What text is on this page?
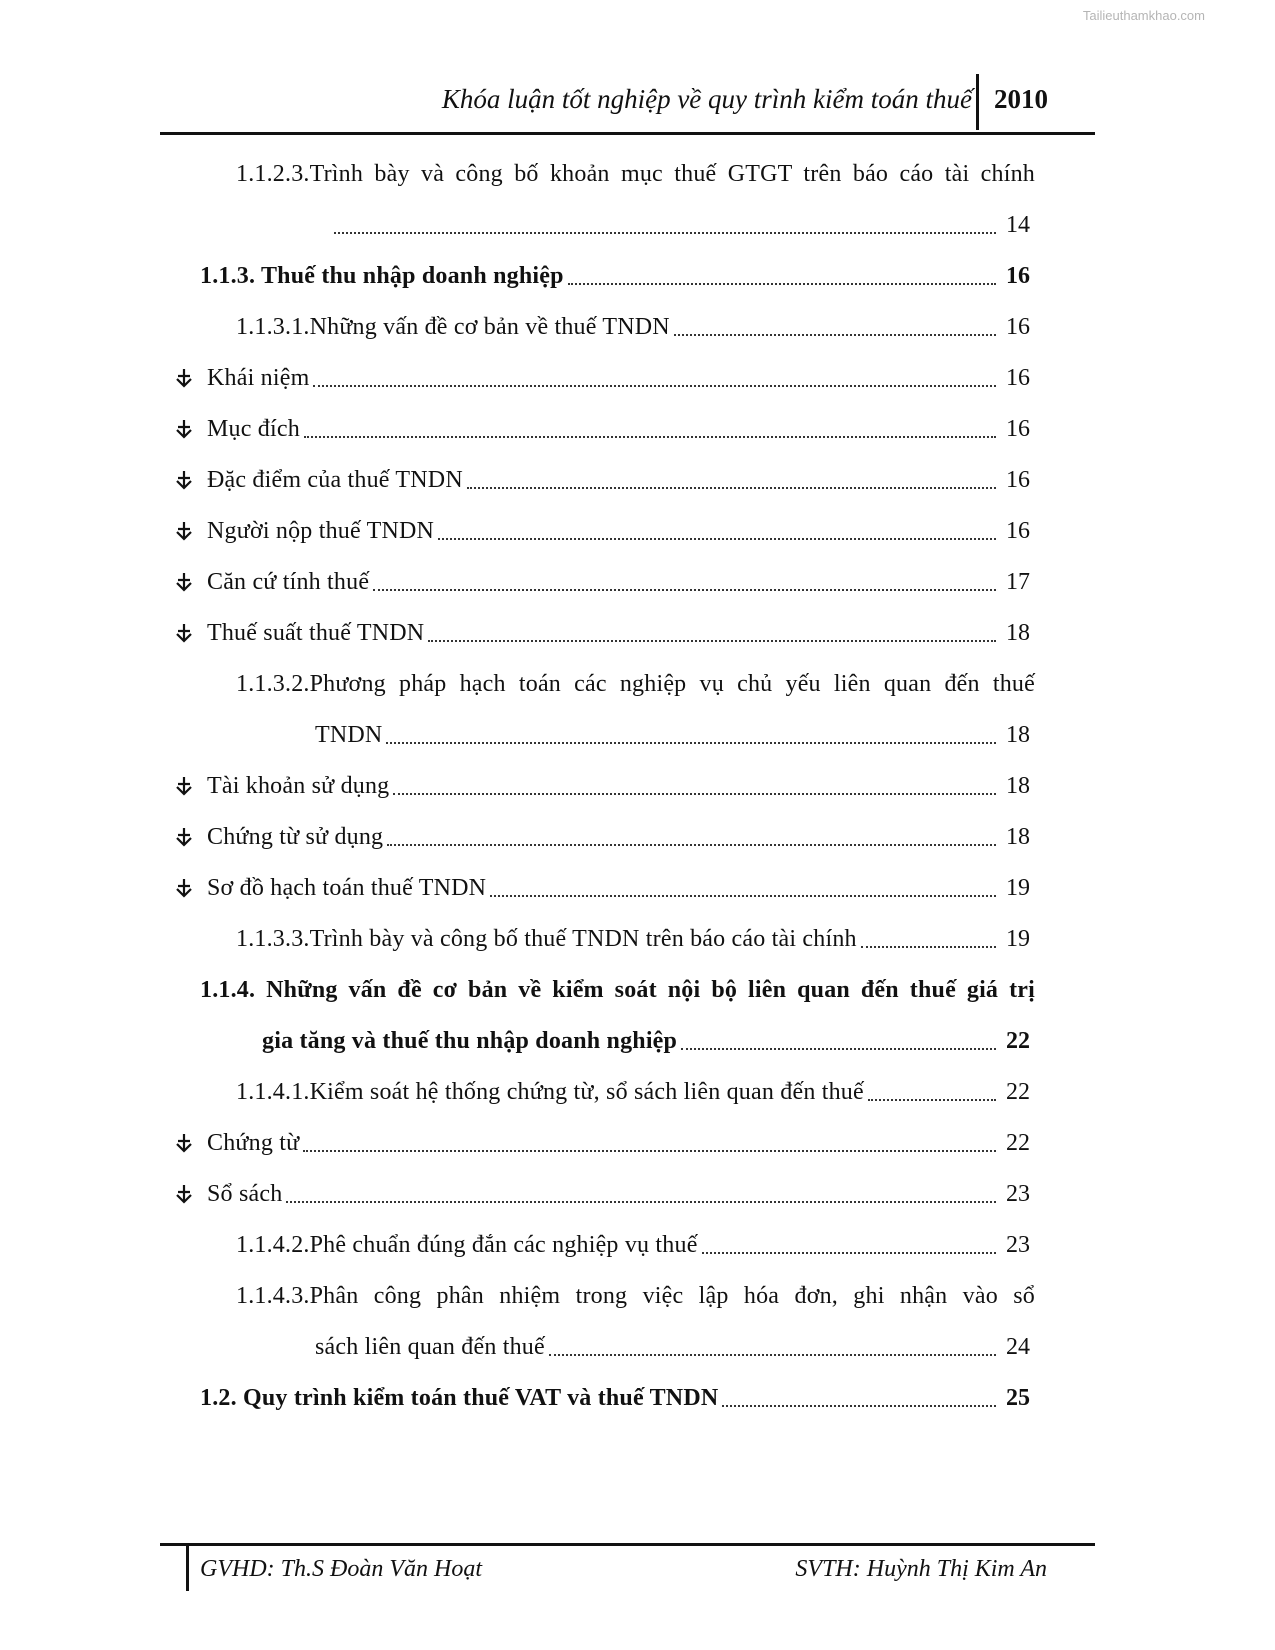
Tailieuthamkhao.com
Khóa luận tốt nghiệp về quy trình kiểm toán thuế 2010
1.1.2.3.Trình bày và công bố khoản mục thuế GTGT trên báo cáo tài chính
14
1.1.3. Thuế thu nhập doanh nghiệp	16
1.1.3.1.Những vấn đề cơ bản về thuế TNDN	16
Khái niệm	16
Mục đích	16
Đặc điểm của thuế TNDN	16
Người nộp thuế TNDN	16
Căn cứ tính thuế	17
Thuế suất thuế TNDN	18
1.1.3.2.Phương pháp hạch toán các nghiệp vụ chủ yếu liên quan đến thuế
TNDN	18
Tài khoản sử dụng	18
Chứng từ sử dụng	18
Sơ đồ hạch toán thuế TNDN	19
1.1.3.3.Trình bày và công bố thuế TNDN trên báo cáo tài chính	19
1.1.4. Những vấn đề cơ bản về kiểm soát nội bộ liên quan đến thuế giá trị
gia tăng và thuế thu nhập doanh nghiệp	22
1.1.4.1.Kiểm soát hệ thống chứng từ, sổ sách liên quan đến thuế	22
Chứng từ	22
Sổ sách	23
1.1.4.2.Phê chuẩn đúng đắn các nghiệp vụ thuế	23
1.1.4.3.Phân công phân nhiệm trong việc lập hóa đơn, ghi nhận vào sổ
sách liên quan đến thuế	24
1.2. Quy trình kiểm toán thuế VAT và thuế TNDN	25
GVHD: Th.S Đoàn Văn Hoạt	SVTH: Huỳnh Thị Kim An
